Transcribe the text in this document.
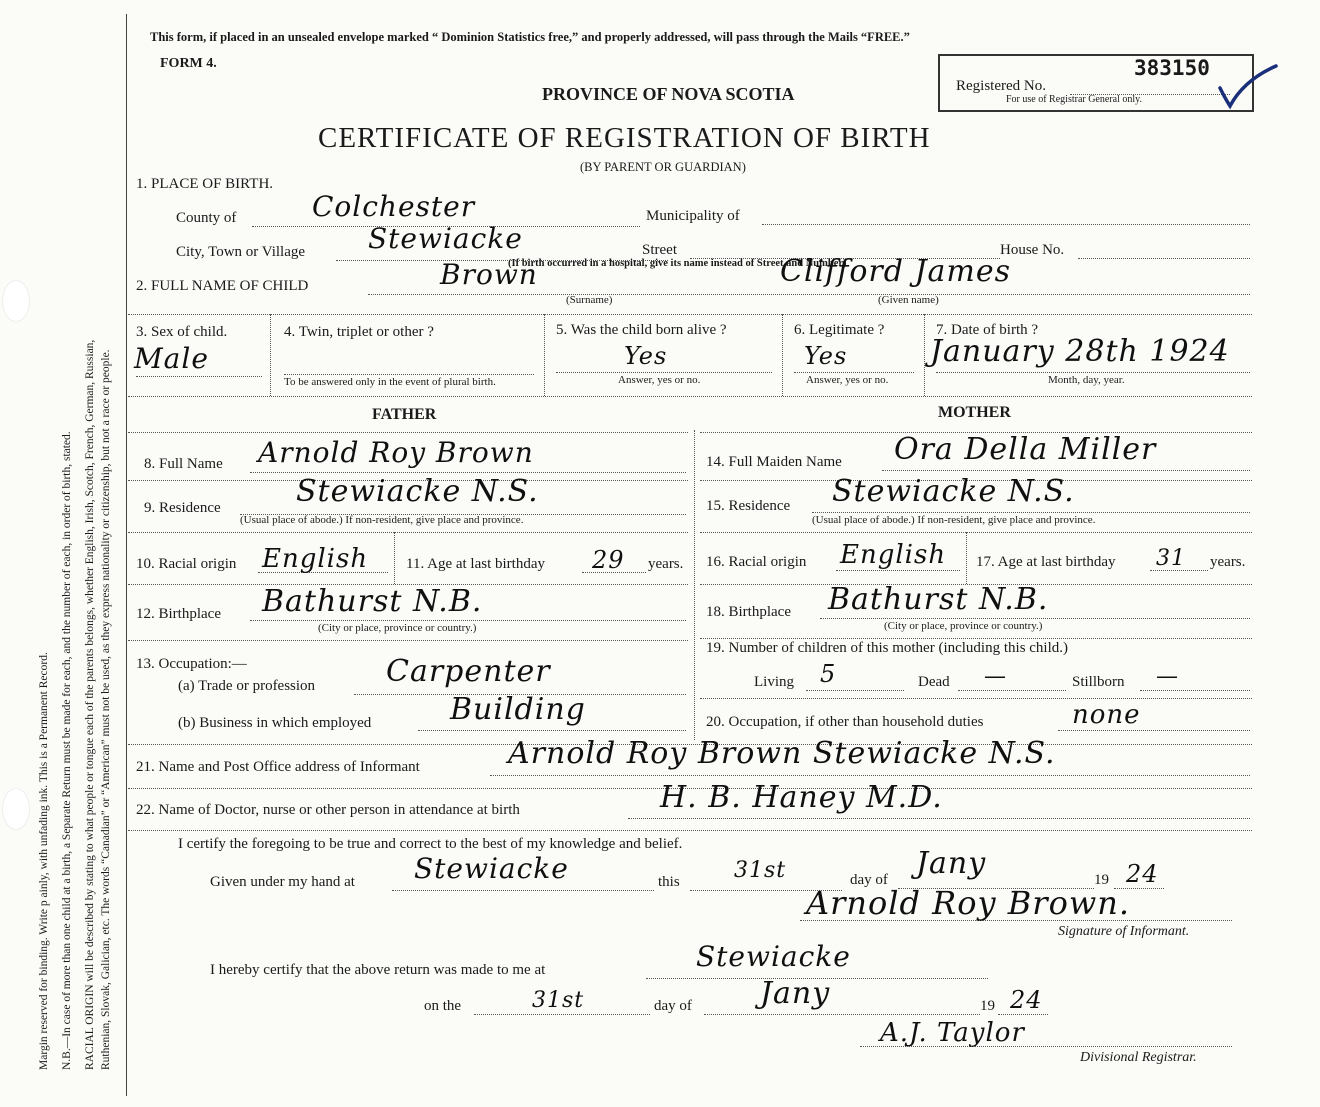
Margin reserved for binding. Write p ainly, with unfading ink. This is a Permanent Record. N.B.—In case of more than one child at a birth, a Separate Return must be made for each, and the number of each, in order of birth, stated. RACIAL ORIGIN will be described by stating to what people or tongue each of the parents belongs, whether English, Irish, Scotch, French, German, Russian, Ruthenian, Slovak, Galician, etc. The words “Canadian” or “American” must not be used, as they express nationality or citizenship, but not a race or people.
This form, if placed in an unsealed envelope marked “ Dominion Statistics free,” and properly addressed, will pass through the Mails “FREE.”
FORM 4.
PROVINCE OF NOVA SCOTIA
CERTIFICATE OF REGISTRATION OF BIRTH
(BY PARENT OR GUARDIAN)
Registered No.
383150
For use of Registrar General only.
1. PLACE OF BIRTH.
County of	Colchester	Municipality of
City, Town or Village Stewiacke	Street	House No.
(If birth occurred in a hospital, give its name instead of Street and Number)
2. FULL NAME OF CHILD	Brown
(Surname)
Clifford James
(Given name)
3. Sex of child.
Male
4. Twin, triplet or other ?
To be answered only in the event of plural birth.
5. Was the child born alive ?
Yes
Answer, yes or no.
6. Legitimate ?
Yes
Answer, yes or no.
7. Date of birth ?
January 28th 1924
Month, day, year.
FATHER	MOTHER
8. Full Name Arnold Roy Brown
9. Residence	Stewiacke N.S.
(Usual place of abode.) If non-resident, give place and province.
10. Racial origin English	11. Age at last birthday 29 years.
12. Birthplace Bathurst N.B.
(City or place, province or country.)
13. Occupation:—
(a) Trade or profession Carpenter
(b) Business in which employed	Building
14. Full Maiden Name Ora Della Miller
15. Residence Stewiacke N.S.
(Usual place of abode.) If non-resident, give place and province.
16. Racial origin English 17. Age at last birthday 31 years.
18. Birthplace Bathurst N.B.
(City or place, province or country.)
19. Number of children of this mother (including this child.)
Living 5	Dead —	Stillborn —
20. Occupation, if other than household duties	none
21. Name and Post Office address of Informant	Arnold Roy Brown Stewiacke N.S.
22. Name of Doctor, nurse or other person in attendance at birth	H. B. Haney M.D.
I certify the foregoing to be true and correct to the best of my knowledge and belief.
Given under my hand at Stewiacke	this 31st	day of Jany	19 24
Arnold Roy Brown.
Signature of Informant.
I hereby certify that the above return was made to me at	Stewiacke
on the	31st	day of Jany	19 24
A.J. Taylor
Divisional Registrar.
